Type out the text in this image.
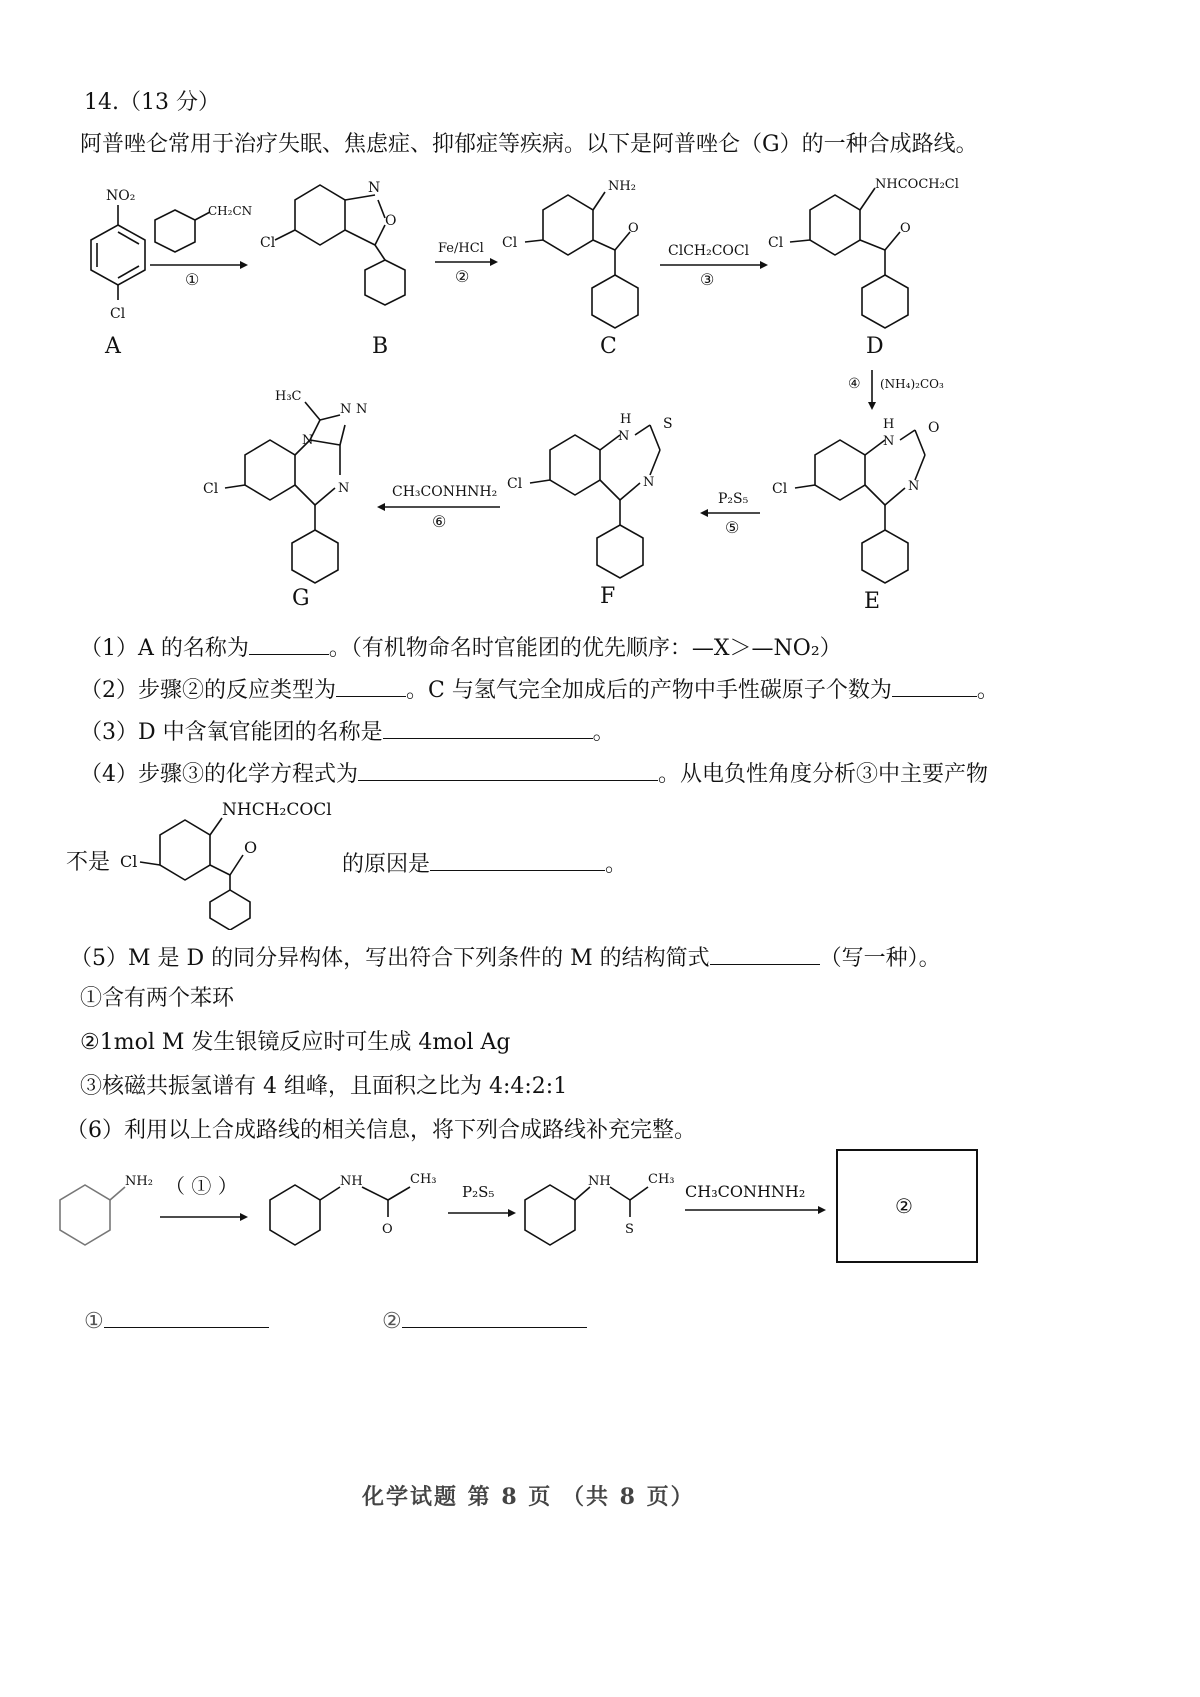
14.（13 分）
阿普唑仑常用于治疗失眠、焦虑症、抑郁症等疾病。以下是阿普唑仑（G）的一种合成路线。
NO₂
Cl
A
CH₂CN
①
N
O
Cl
B
Fe/HCl
②
NH₂
O
Cl
C
ClCH₂COCl
③
NHCOCH₂Cl
O
Cl
D
④ (NH₄)₂CO₃
H
N
O
N
Cl
E
P₂S₅
⑤
H
N
S
N
Cl
F
CH₃CONHNH₂
⑥
H₃C
N N
N
N
Cl
G
（1）A 的名称为	。（有机物命名时官能团的优先顺序：—X＞—NO₂）
（2）步骤②的反应类型为	。C 与氢气完全加成后的产物中手性碳原子个数为	。
（3）D 中含氧官能团的名称是	。
（4）步骤③的化学方程式为	。从电负性角度分析③中主要产物
NHCH₂COCl
O
Cl
不是	的原因是	。
（5）M 是 D 的同分异构体，写出符合下列条件的 M 的结构简式	（写一种）。
①含有两个苯环
②1mol M 发生银镜反应时可生成 4mol Ag
③核磁共振氢谱有 4 组峰，且面积之比为 4:4:2:1
（6）利用以上合成路线的相关信息，将下列合成路线补充完整。
NH₂ （ ① ）	NH	CH₃
O
P₂S₅
NH	CH₃
S
CH₃CONHNH₂
②
①	②
化学试题 第 8 页 （共 8 页）
